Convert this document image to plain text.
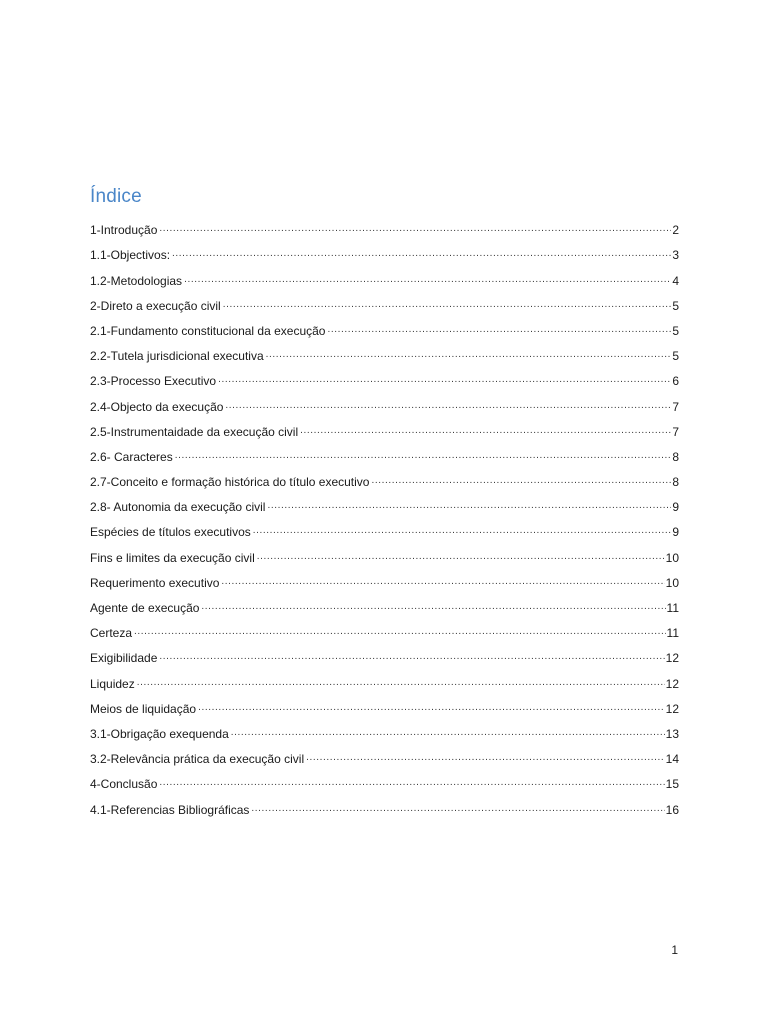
Índice
1-Introdução .....	2
1.1-Objectivos: .....	3
1.2-Metodologias .....	4
2-Direto a execução civil .....	5
2.1-Fundamento constitucional da execução .....	5
2.2-Tutela jurisdicional executiva .....	5
2.3-Processo Executivo .....	6
2.4-Objecto da execução .....	7
2.5-Instrumentaidade da execução civil .....	7
2.6- Caracteres .....	8
2.7-Conceito e formação histórica do título executivo .....	8
2.8- Autonomia da execução civil .....	9
Espécies de títulos executivos .....	9
Fins e limites da execução civil .....	10
Requerimento executivo .....	10
Agente de execução .....	11
Certeza .....	11
Exigibilidade .....	12
Liquidez .....	12
Meios de liquidação .....	12
3.1-Obrigação exequenda .....	13
3.2-Relevância prática da execução civil .....	14
4-Conclusão .....	15
4.1-Referencias Bibliográficas .....	16
1
